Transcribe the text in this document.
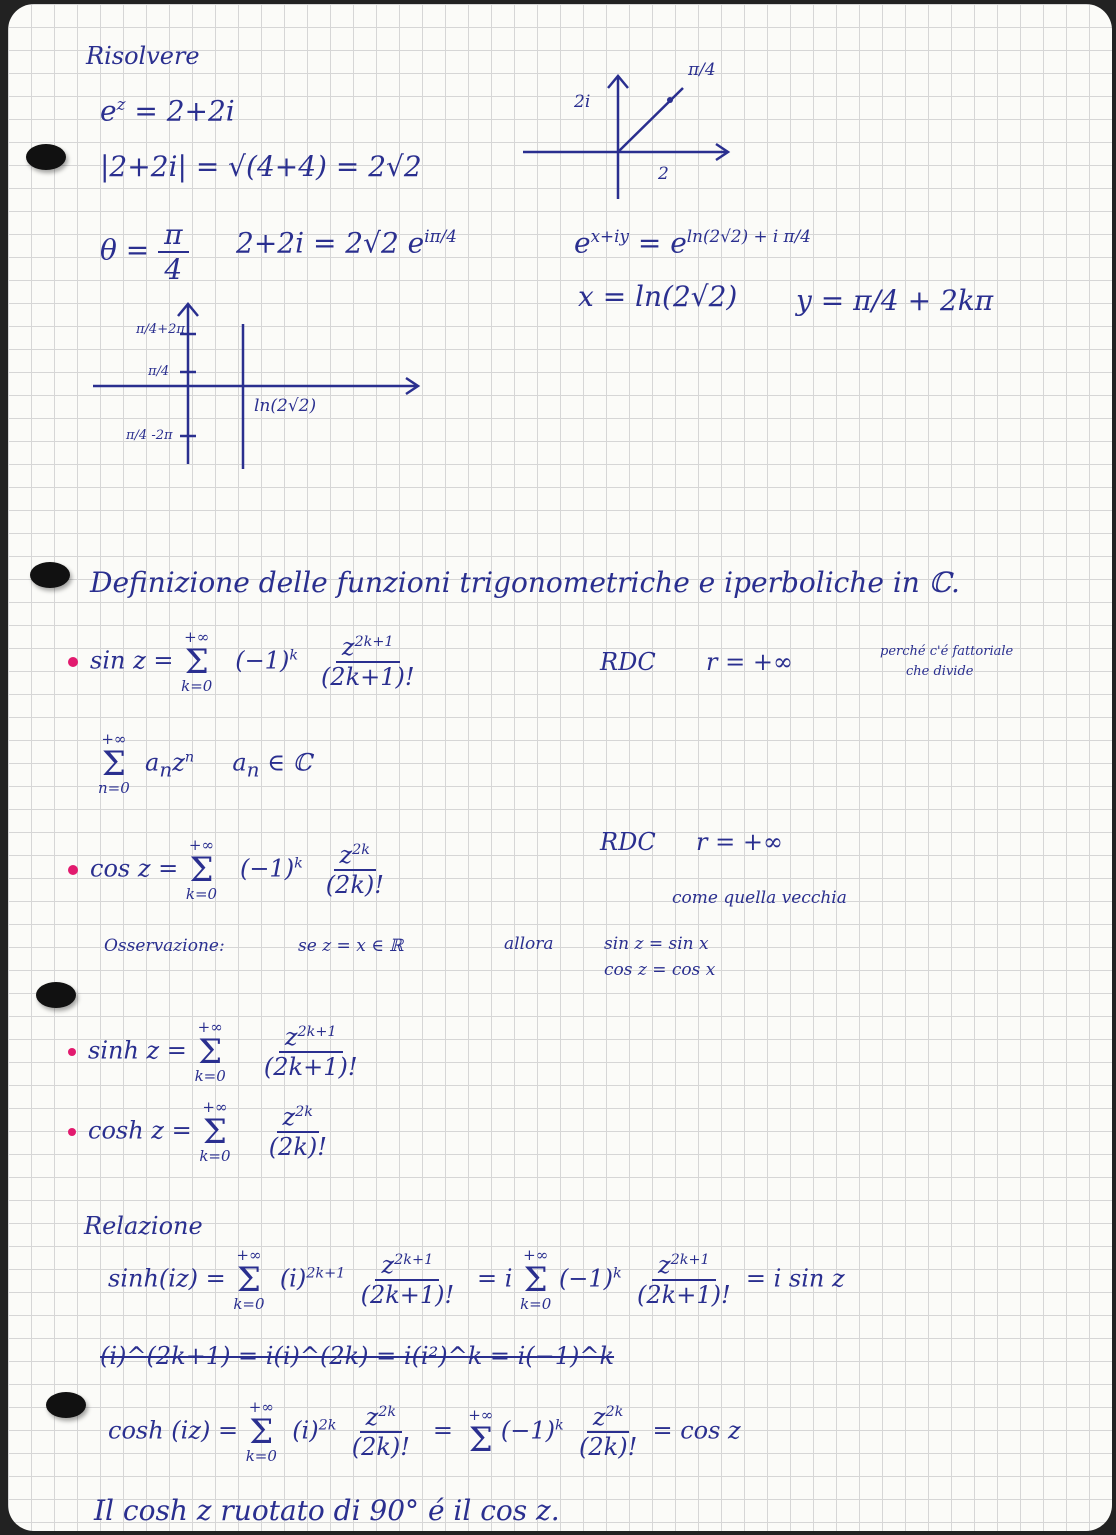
Risolvere
$e^z = 2+2i$
|2+2i| = √(4+4) = 2√2
$\theta = \frac{\pi}{4} 2+2i = 2√2$ $e^{i\pi/4}$
2i
2
π/4
$e^{x+iy} = e^{ln(2√2) + i \pi/4}$
x = ln(2√2) y = π/4 + 2kπ
π/4+2π
π/4
π/4 -2π
ln(2√2)
Definizione delle funzioni trigonometriche e iperboliche in ℂ.
sin z =
+∞
Σ
k=0
$(-1)^k \frac{z^{2k+1}}{(2k+1)!}$	RDC r = +∞	perché c'é fattoriale
che divide
+∞
Σ
n=0
$a_nz^n$ $a_n$ ∈ ℂ
cos z =
+∞
Σ
k=0
$(-1)^k \frac{z^{2k}}{(2k)!}$	RDC r = +∞
come quella vecchia
Osservazione:	se z = x ∈ ℝ	allora	sin z = sin x
cos z = cos x
sinh z =
+∞
Σ
k=0
$\frac{z^{2k+1}}{(2k+1)!}$
cosh z =
+∞
Σ
k=0
$\frac{z^{2k}}{(2k)!}$
Relazione
sinh(iz) =
+∞
Σ
k=0
$(i)^{2k+1} \frac{z^{2k+1}}{(2k+1)!} = i$
+∞
Σ
k=0
$(-1)^k \frac{z^{2k+1}}{(2k+1)!} = i$ sin z
(i)^(2k+1) = i(i)^(2k) = i(i²)^k = i(−1)^k
cosh (iz) =
+∞
Σ
k=0
$(i)^{2k} \frac{z^{2k}}{(2k)!}$ =
+∞
Σ $(-1)^k \frac{z^{2k}}{(2k)!} = \cos z$
Il cosh z ruotato di 90° é il cos z.
